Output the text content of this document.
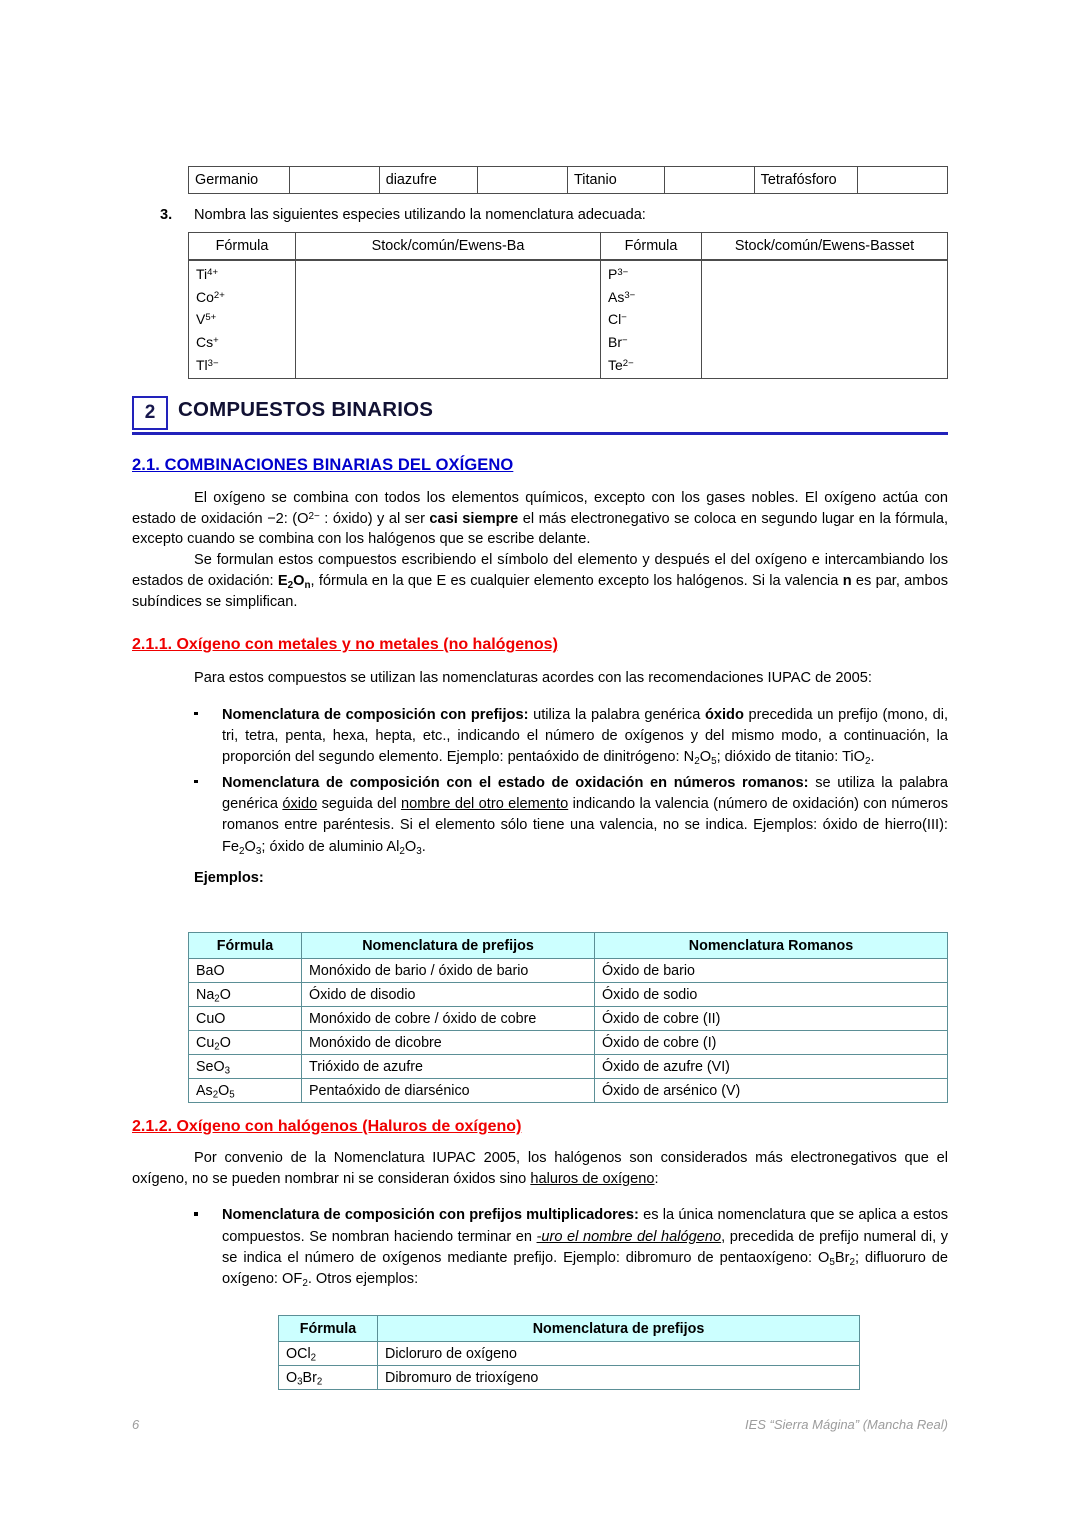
Germanio		diazufre		Titanio		Tetrafósforo	
3. Nombra las siguientes especies utilizando la nomenclatura adecuada:
Fórmula	Stock/común/Ewens-Ba	Fórmula	Stock/común/Ewens-Basset

$Ti^{4+}$
$Co^{2+}$
$V^{5+}$
Cs+
$Tl^{3-}$

$P^{3-}$
$As^{3-}$
Cl−
Br−
$Te^{2-}$

2	COMPUESTOS BINARIOS
2.1. COMBINACIONES BINARIAS DEL OXÍGENO

El oxígeno se combina con todos los elementos químicos, excepto con los gases nobles. El oxígeno actúa con estado de oxidación −2: ($O^{2-}$ : óxido) y al ser casi siempre el más electronegativo se coloca en segundo lugar en la fórmula, excepto cuando se combina con los halógenos que se escribe delante.

Se formulan estos compuestos escribiendo el símbolo del elemento y después el del oxígeno e intercambiando los estados de oxidación: $E_2O_n$, fórmula en la que E es cualquier elemento excepto los halógenos. Si la valencia n es par, ambos subíndices se simplifican.

2.1.1. Oxígeno con metales y no metales (no halógenos)

Para estos compuestos se utilizan las nomenclaturas acordes con las recomendaciones IUPAC de 2005:

Nomenclatura de composición con prefijos: utiliza la palabra genérica óxido precedida un prefijo (mono, di, tri, tetra, penta, hexa, hepta, etc., indicando el número de oxígenos y del mismo modo, a continuación, la proporción del segundo elemento. Ejemplo: pentaóxido de dinitrógeno: $N_2O_5$; dióxido de titanio: TiO$_2$.
Nomenclatura de composición con el estado de oxidación en números romanos: se utiliza la palabra genérica óxido seguida del nombre del otro elemento indicando la valencia (número de oxidación) con números romanos entre paréntesis. Si el elemento sólo tiene una valencia, no se indica. Ejemplos: óxido de hierro(III): $Fe_2O_3$; óxido de aluminio $Al_2O_3$.

Ejemplos:

Fórmula	Nomenclatura de prefijos	Nomenclatura Romanos
BaO	Monóxido de bario / óxido de bario	Óxido de bario
$Na_2O$	Óxido de disodio	Óxido de sodio
CuO	Monóxido de cobre / óxido de cobre	Óxido de cobre (II)
$Cu_2O$	Monóxido de dicobre	Óxido de cobre (I)
SeO$_3$	Trióxido de azufre	Óxido de azufre (VI)
$As_2O_5$	Pentaóxido de diarsénico	Óxido de arsénico (V)
2.1.2. Oxígeno con halógenos (Haluros de oxígeno)

Por convenio de la Nomenclatura IUPAC 2005, los halógenos son considerados más electronegativos que el oxígeno, no se pueden nombrar ni se consideran óxidos sino haluros de oxígeno:

Nomenclatura de composición con prefijos multiplicadores: es la única nomenclatura que se aplica a estos compuestos. Se nombran haciendo terminar en -uro el nombre del halógeno, precedida de prefijo numeral di, y se indica el número de oxígenos mediante prefijo. Ejemplo: dibromuro de pentaoxígeno: $O_5Br_2$; difluoruro de oxígeno: $OF_2$. Otros ejemplos:
Fórmula	Nomenclatura de prefijos
OCl$_2$	Dicloruro de oxígeno
$O_3Br_2$	Dibromuro de trioxígeno
6	IES “Sierra Mágina” (Mancha Real)
